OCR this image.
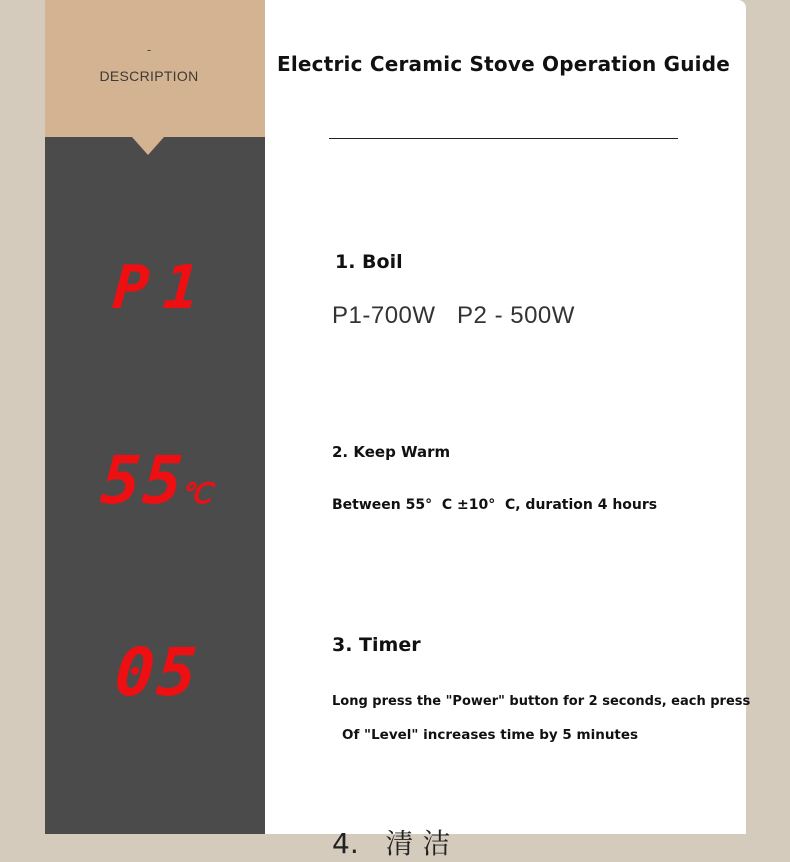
-
DESCRIPTION
P1
55
℃
05
Electric Ceramic Stove Operation Guide
1. Boil
P1-700W   P2 - 500W
2. Keep Warm
Between 55°  C ±10°  C, duration 4 hours
3. Timer
Long press the "Power" button for 2 seconds, each press
Of "Level" increases time by 5 minutes
4.   清 洁
